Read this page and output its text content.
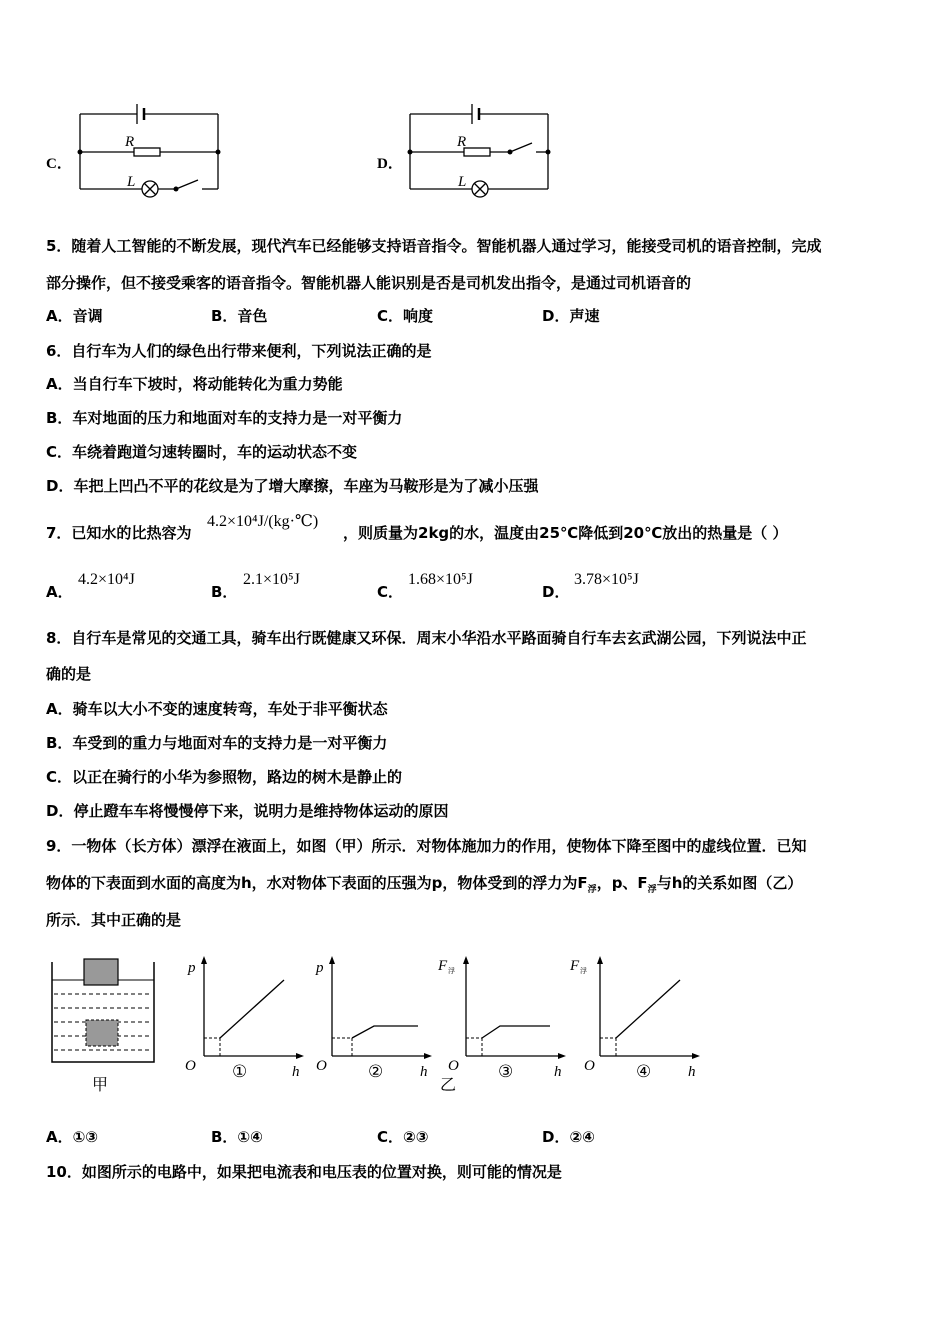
C．
R
L
D．
R
L
5．随着人工智能的不断发展，现代汽车已经能够支持语音指令。智能机器人通过学习，能接受司机的语音控制，完成
部分操作，但不接受乘客的语音指令。智能机器人能识别是否是司机发出指令，是通过司机语音的
A．音调	B．音色	C．响度	D．声速
6．自行车为人们的绿色出行带来便利，下列说法正确的是
A．当自行车下坡时，将动能转化为重力势能
B．车对地面的压力和地面对车的支持力是一对平衡力
C．车绕着跑道匀速转圈时，车的运动状态不变
D．车把上凹凸不平的花纹是为了增大摩擦，车座为马鞍形是为了减小压强
7．已知水的比热容为
4.2×10⁴J/(kg·℃)
，则质量为2kg的水，温度由25℃降低到20℃放出的热量是（ ）
A．
4.2×10⁴J
B．
2.1×10⁵J
C．
1.68×10⁵J
D．
3.78×10⁵J
8．自行车是常见的交通工具，骑车出行既健康又环保．周末小华沿水平路面骑自行车去玄武湖公园，下列说法中正
确的是
A．骑车以大小不变的速度转弯，车处于非平衡状态
B．车受到的重力与地面对车的支持力是一对平衡力
C．以正在骑行的小华为参照物，路边的树木是静止的
D．停止蹬车车将慢慢停下来，说明力是维持物体运动的原因
9．一物体（长方体）漂浮在液面上，如图（甲）所示．对物体施加力的作用，使物体下降至图中的虚线位置．已知
物体的下表面到水面的高度为h，水对物体下表面的压强为p，物体受到的浮力为$F_浮$，p、$F_浮$与h的关系如图（乙）
所示．其中正确的是
甲
p
O ①	h
p
O ② h
F 浮
O ③	h
乙
F 浮
O ④ h
A．①③	B．①④	C．②③	D．②④
10．如图所示的电路中，如果把电流表和电压表的位置对换，则可能的情况是
